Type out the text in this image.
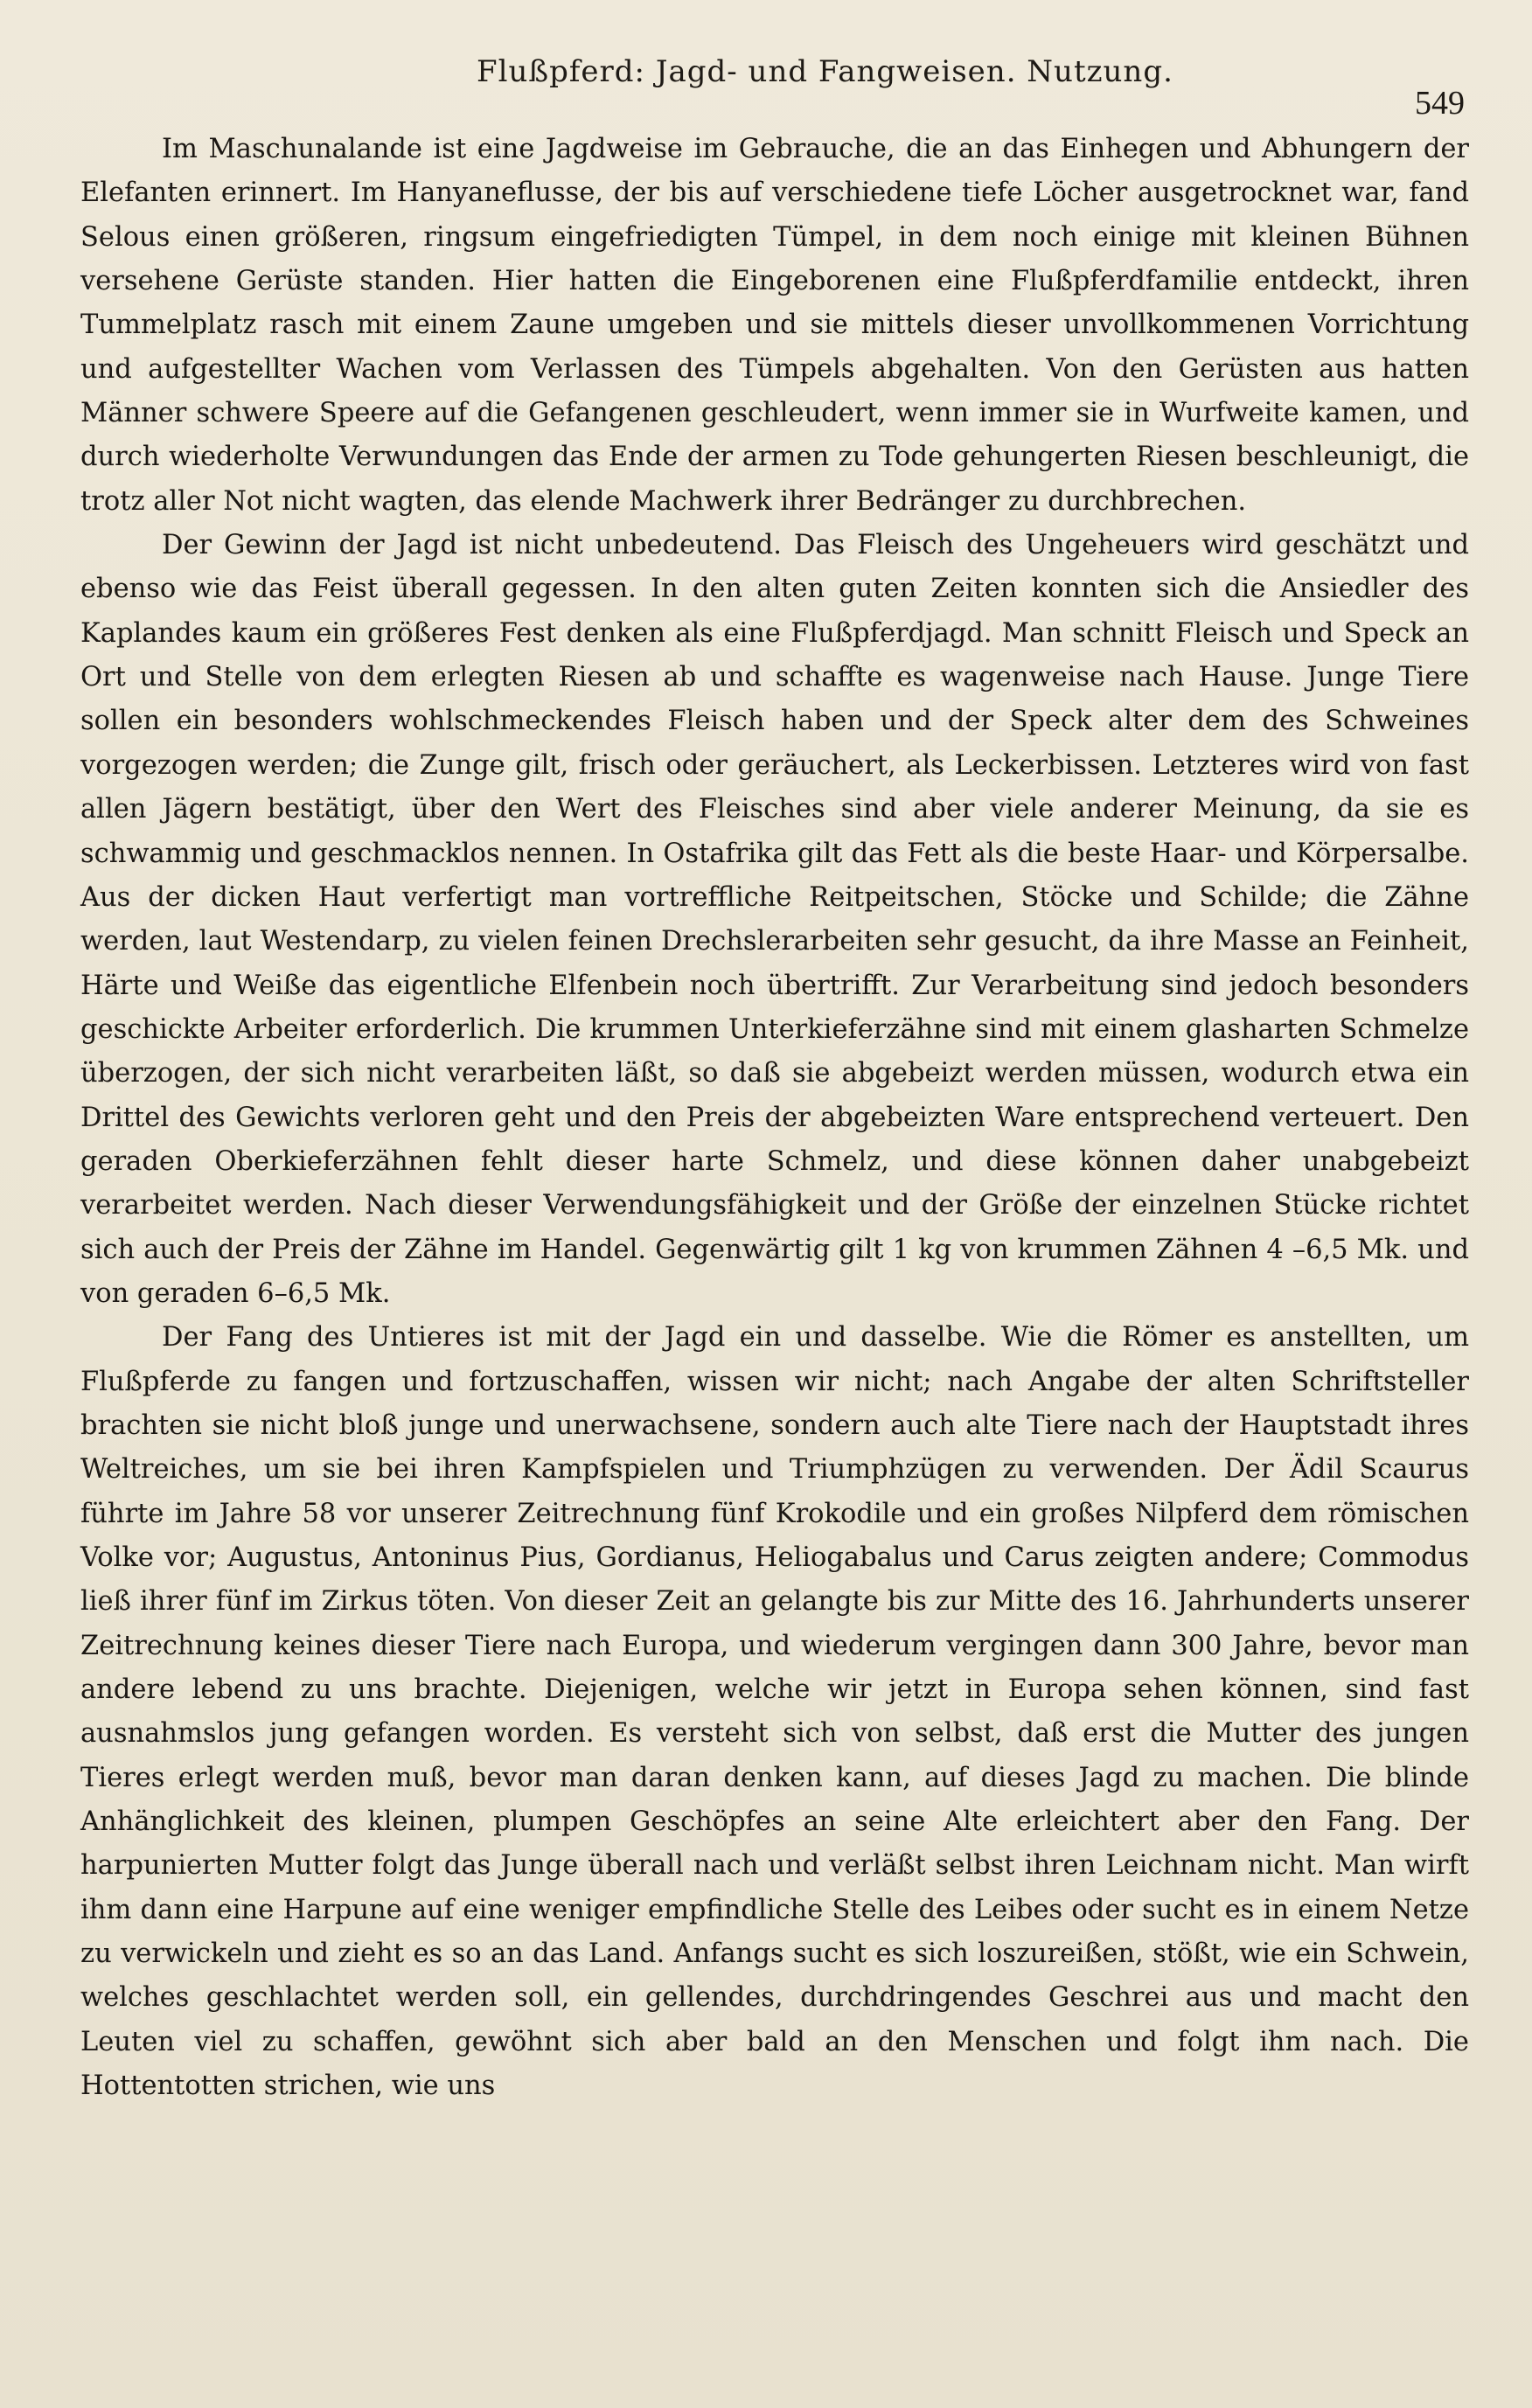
Flußpferd: Jagd- und Fangweisen. Nutzung.
549

Im Maschunalande ist eine Jagdweise im Gebrauche, die an das Einhegen und Abhungern der Elefanten erinnert. Im Hanyaneflusse, der bis auf verschiedene tiefe Löcher ausgetrocknet war, fand Selous einen größeren, ringsum eingefriedigten Tümpel, in dem noch einige mit kleinen Bühnen versehene Gerüste standen. Hier hatten die Eingeborenen eine Flußpferdfamilie entdeckt, ihren Tummelplatz rasch mit einem Zaune umgeben und sie mittels dieser unvollkommenen Vorrichtung und aufgestellter Wachen vom Verlassen des Tümpels abgehalten. Von den Gerüsten aus hatten Männer schwere Speere auf die Gefangenen geschleudert, wenn immer sie in Wurfweite kamen, und durch wiederholte Verwundungen das Ende der armen zu Tode gehungerten Riesen beschleunigt, die trotz aller Not nicht wagten, das elende Machwerk ihrer Bedränger zu durchbrechen.

Der Gewinn der Jagd ist nicht unbedeutend. Das Fleisch des Ungeheuers wird geschätzt und ebenso wie das Feist überall gegessen. In den alten guten Zeiten konnten sich die Ansiedler des Kaplandes kaum ein größeres Fest denken als eine Flußpferdjagd. Man schnitt Fleisch und Speck an Ort und Stelle von dem erlegten Riesen ab und schaffte es wagenweise nach Hause. Junge Tiere sollen ein besonders wohlschmeckendes Fleisch haben und der Speck alter dem des Schweines vorgezogen werden; die Zunge gilt, frisch oder geräuchert, als Leckerbissen. Letzteres wird von fast allen Jägern bestätigt, über den Wert des Fleisches sind aber viele anderer Meinung, da sie es schwammig und geschmacklos nennen. In Ostafrika gilt das Fett als die beste Haar- und Körpersalbe. Aus der dicken Haut verfertigt man vortreffliche Reitpeitschen, Stöcke und Schilde; die Zähne werden, laut Westendarp, zu vielen feinen Drechslerarbeiten sehr gesucht, da ihre Masse an Feinheit, Härte und Weiße das eigentliche Elfenbein noch übertrifft. Zur Verarbeitung sind jedoch besonders geschickte Arbeiter erforderlich. Die krummen Unterkieferzähne sind mit einem glasharten Schmelze überzogen, der sich nicht verarbeiten läßt, so daß sie abgebeizt werden müssen, wodurch etwa ein Drittel des Gewichts verloren geht und den Preis der abgebeizten Ware entsprechend verteuert. Den geraden Oberkieferzähnen fehlt dieser harte Schmelz, und diese können daher unabgebeizt verarbeitet werden. Nach dieser Verwendungsfähigkeit und der Größe der einzelnen Stücke richtet sich auch der Preis der Zähne im Handel. Gegenwärtig gilt 1 kg von krummen Zähnen 4 –6,5 Mk. und von geraden 6–6,5 Mk.

Der Fang des Untieres ist mit der Jagd ein und dasselbe. Wie die Römer es anstellten, um Flußpferde zu fangen und fortzuschaffen, wissen wir nicht; nach Angabe der alten Schriftsteller brachten sie nicht bloß junge und unerwachsene, sondern auch alte Tiere nach der Hauptstadt ihres Weltreiches, um sie bei ihren Kampfspielen und Triumphzügen zu verwenden. Der Ädil Scaurus führte im Jahre 58 vor unserer Zeitrechnung fünf Krokodile und ein großes Nilpferd dem römischen Volke vor; Augustus, Antoninus Pius, Gordianus, Heliogabalus und Carus zeigten andere; Commodus ließ ihrer fünf im Zirkus töten. Von dieser Zeit an gelangte bis zur Mitte des 16. Jahrhunderts unserer Zeitrechnung keines dieser Tiere nach Europa, und wiederum vergingen dann 300 Jahre, bevor man andere lebend zu uns brachte. Diejenigen, welche wir jetzt in Europa sehen können, sind fast ausnahmslos jung gefangen worden. Es versteht sich von selbst, daß erst die Mutter des jungen Tieres erlegt werden muß, bevor man daran denken kann, auf dieses Jagd zu machen. Die blinde Anhänglichkeit des kleinen, plumpen Geschöpfes an seine Alte erleichtert aber den Fang. Der harpunierten Mutter folgt das Junge überall nach und verläßt selbst ihren Leichnam nicht. Man wirft ihm dann eine Harpune auf eine weniger empfindliche Stelle des Leibes oder sucht es in einem Netze zu verwickeln und zieht es so an das Land. Anfangs sucht es sich loszureißen, stößt, wie ein Schwein, welches geschlachtet werden soll, ein gellendes, durchdringendes Geschrei aus und macht den Leuten viel zu schaffen, gewöhnt sich aber bald an den Menschen und folgt ihm nach. Die Hottentotten strichen, wie uns
